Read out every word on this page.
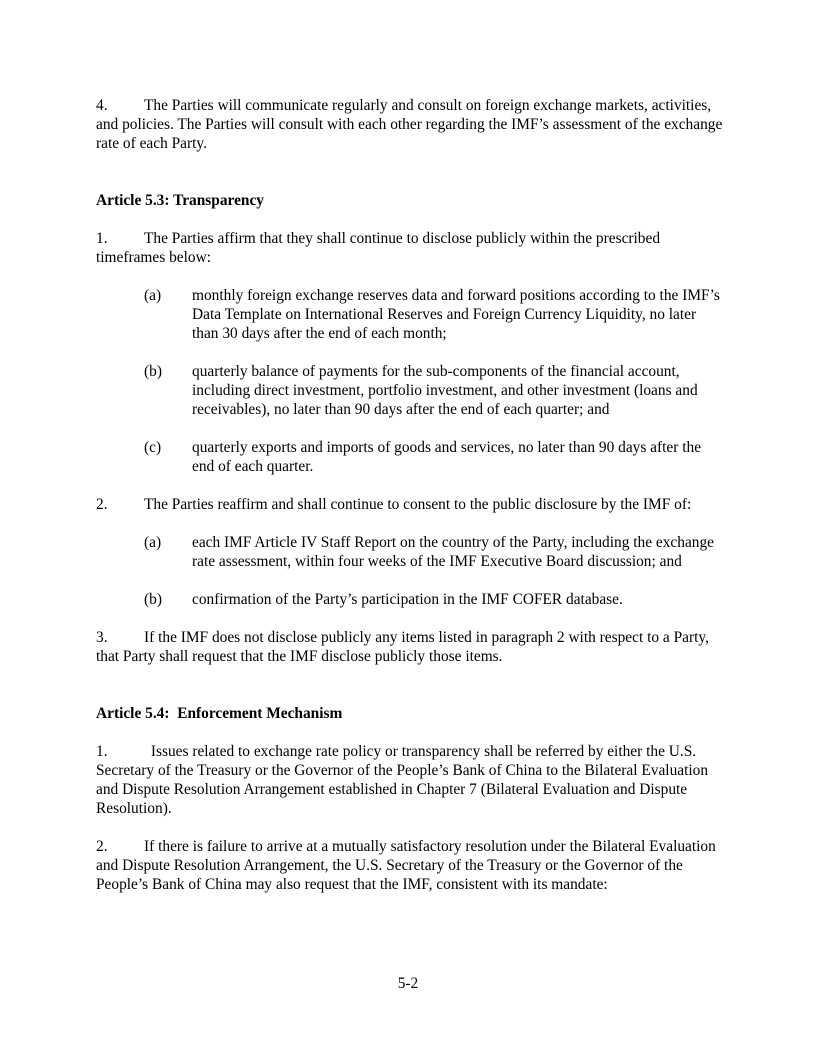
4. The Parties will communicate regularly and consult on foreign exchange markets, activities, and policies. The Parties will consult with each other regarding the IMF’s assessment of the exchange rate of each Party.

Article 5.3: Transparency

1. The Parties affirm that they shall continue to disclose publicly within the prescribed timeframes below:

(a) monthly foreign exchange reserves data and forward positions according to the IMF’s Data Template on International Reserves and Foreign Currency Liquidity, no later than 30 days after the end of each month;

(b) quarterly balance of payments for the sub-components of the financial account, including direct investment, portfolio investment, and other investment (loans and receivables), no later than 90 days after the end of each quarter; and

(c) quarterly exports and imports of goods and services, no later than 90 days after the end of each quarter.

2. The Parties reaffirm and shall continue to consent to the public disclosure by the IMF of:

(a) each IMF Article IV Staff Report on the country of the Party, including the exchange rate assessment, within four weeks of the IMF Executive Board discussion; and

(b) confirmation of the Party’s participation in the IMF COFER database.

3. If the IMF does not disclose publicly any items listed in paragraph 2 with respect to a Party, that Party shall request that the IMF disclose publicly those items.

Article 5.4:  Enforcement Mechanism

1.	Issues related to exchange rate policy or transparency shall be referred by either the U.S. Secretary of the Treasury or the Governor of the People’s Bank of China to the Bilateral Evaluation and Dispute Resolution Arrangement established in Chapter 7 (Bilateral Evaluation and Dispute Resolution).

2. If there is failure to arrive at a mutually satisfactory resolution under the Bilateral Evaluation and Dispute Resolution Arrangement, the U.S. Secretary of the Treasury or the Governor of the People’s Bank of China may also request that the IMF, consistent with its mandate:

5-2
